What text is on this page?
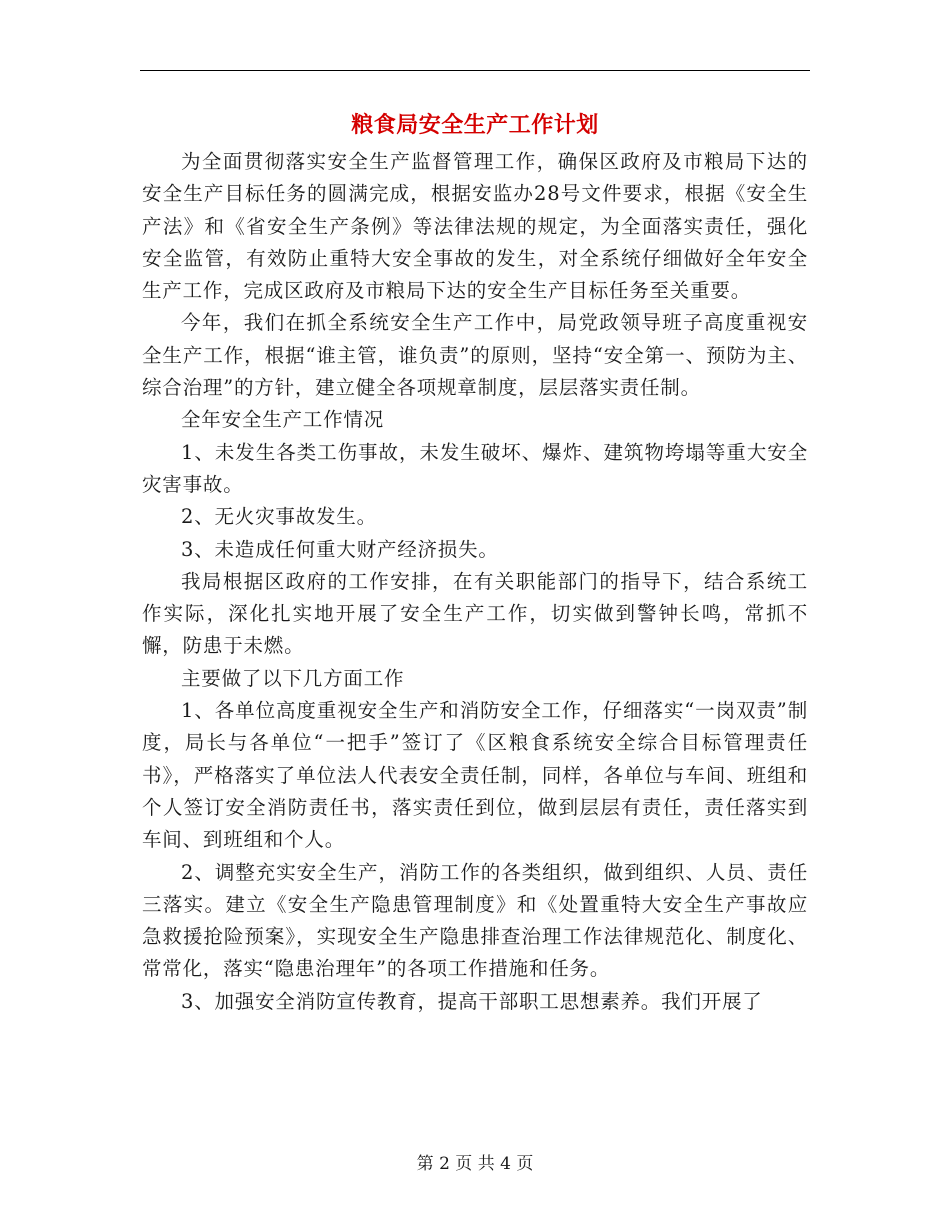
粮食局安全生产工作计划

为全面贯彻落实安全生产监督管理工作，确保区政府及市粮局下达的安全生产目标任务的圆满完成，根据安监办28号文件要求，根据《安全生产法》和《省安全生产条例》等法律法规的规定，为全面落实责任，强化安全监管，有效防止重特大安全事故的发生，对全系统仔细做好全年安全生产工作，完成区政府及市粮局下达的安全生产目标任务至关重要。

今年，我们在抓全系统安全生产工作中，局党政领导班子高度重视安全生产工作，根据“谁主管，谁负责”的原则，坚持“安全第一、预防为主、综合治理”的方针，建立健全各项规章制度，层层落实责任制。

全年安全生产工作情况

1、未发生各类工伤事故，未发生破坏、爆炸、建筑物垮塌等重大安全灾害事故。

2、无火灾事故发生。

3、未造成任何重大财产经济损失。

我局根据区政府的工作安排，在有关职能部门的指导下，结合系统工作实际，深化扎实地开展了安全生产工作，切实做到警钟长鸣，常抓不懈，防患于未燃。

主要做了以下几方面工作

1、各单位高度重视安全生产和消防安全工作，仔细落实“一岗双责”制度，局长与各单位“一把手”签订了《区粮食系统安全综合目标管理责任书》，严格落实了单位法人代表安全责任制，同样，各单位与车间、班组和个人签订安全消防责任书，落实责任到位，做到层层有责任，责任落实到车间、到班组和个人。

2、调整充实安全生产，消防工作的各类组织，做到组织、人员、责任三落实。建立《安全生产隐患管理制度》和《处置重特大安全生产事故应急救援抢险预案》，实现安全生产隐患排查治理工作法律规范化、制度化、常常化，落实“隐患治理年”的各项工作措施和任务。

3、加强安全消防宣传教育，提高干部职工思想素养。我们开展了

第 2 页 共 4 页
